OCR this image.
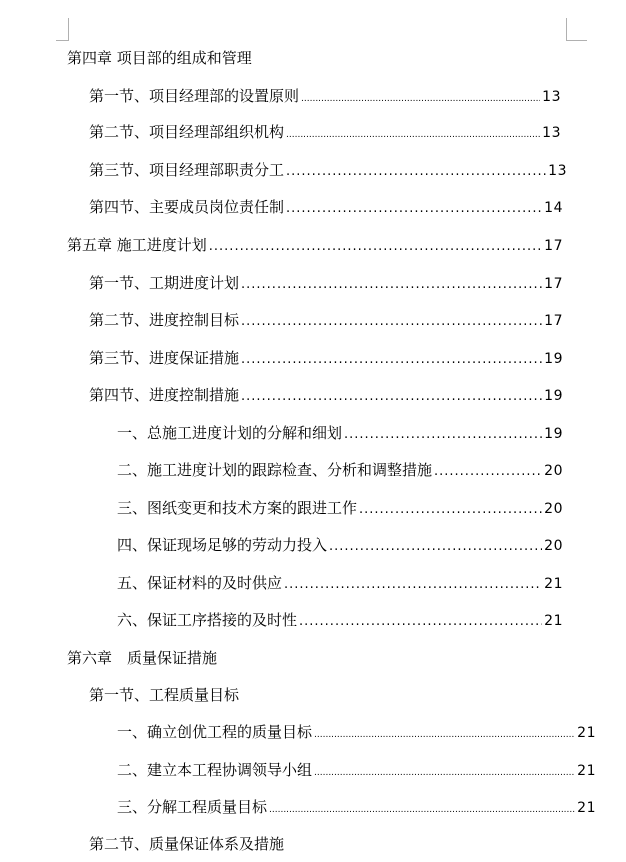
第四章 项目部的组成和管理
第一节、项目经理部的设置原则 .....	13
第二节、项目经理部组织机构 .....	13
第三节、项目经理部职责分工 .....	13
第四节、主要成员岗位责任制 .....	14
第五章 施工进度计划 .....	17
第一节、工期进度计划 .....	17
第二节、进度控制目标 .....	17
第三节、进度保证措施 .....	19
第四节、进度控制措施 .....	19
一、总施工进度计划的分解和细划 .....	19
二、施工进度计划的跟踪检查、分析和调整措施 .....	20
三、图纸变更和技术方案的跟进工作 .....	20
四、保证现场足够的劳动力投入 .....	20
五、保证材料的及时供应 .....	21
六、保证工序搭接的及时性 .....	21
第六章　质量保证措施
第一节、工程质量目标
一、确立创优工程的质量目标 .....	21
二、建立本工程协调领导小组 .....	21
三、分解工程质量目标 .....	21
第二节、质量保证体系及措施
